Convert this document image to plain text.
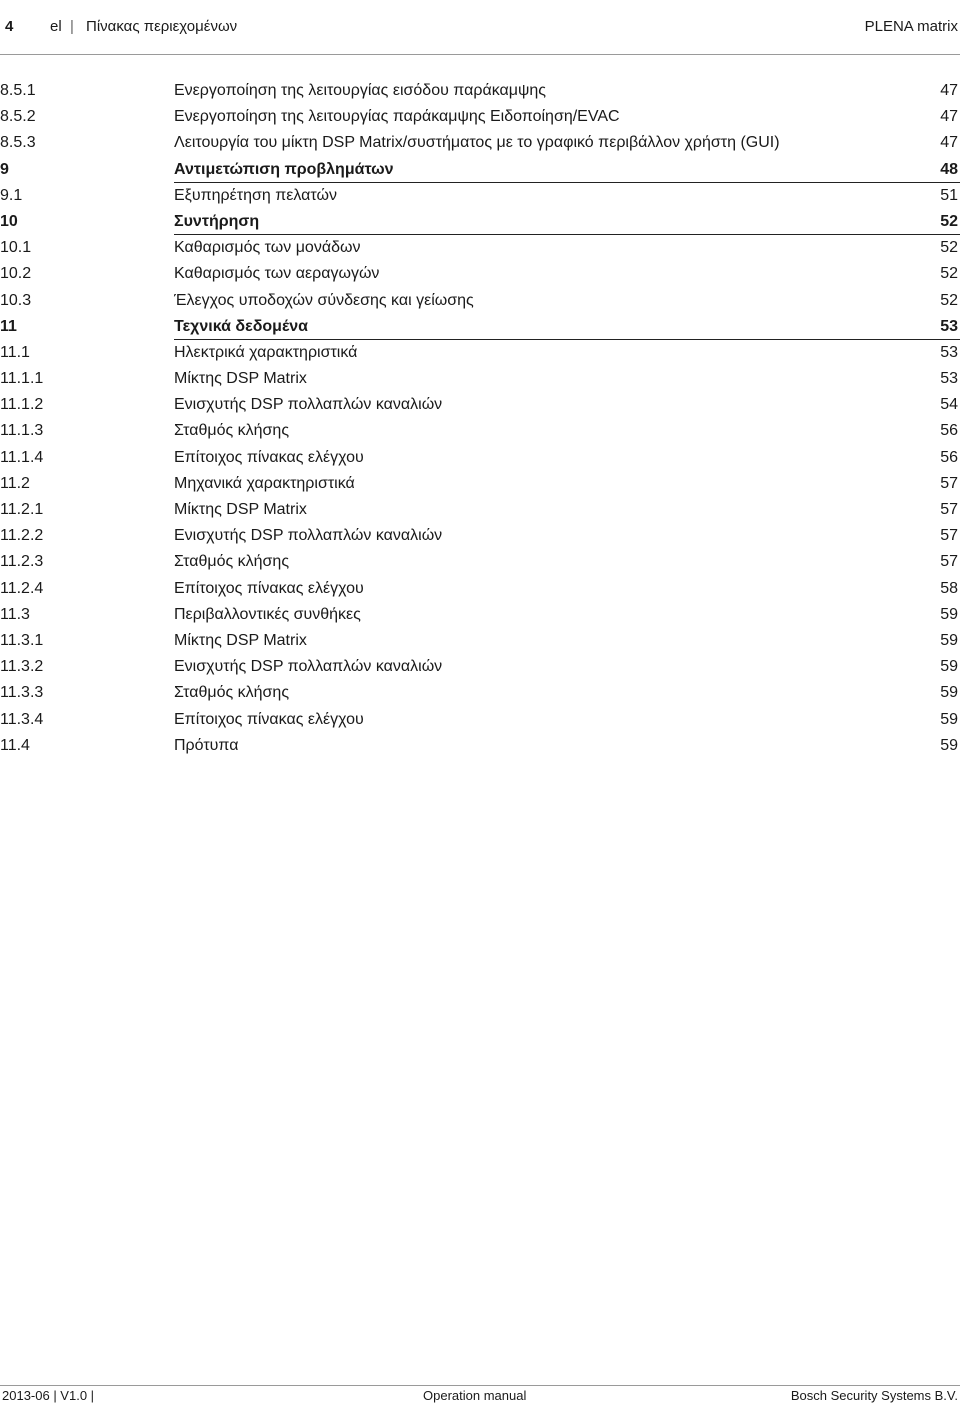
4 el | Πίνακας περιεχομένων	PLENA matrix
8.5.1	Ενεργοποίηση της λειτουργίας εισόδου παράκαμψης	47
8.5.2	Ενεργοποίηση της λειτουργίας παράκαμψης Ειδοποίηση/EVAC	47
8.5.3	Λειτουργία του μίκτη DSP Matrix/συστήματος με το γραφικό περιβάλλον χρήστη (GUI)	47
9	Αντιμετώπιση προβλημάτων	48
9.1	Εξυπηρέτηση πελατών	51
10	Συντήρηση	52
10.1	Καθαρισμός των μονάδων	52
10.2	Καθαρισμός των αεραγωγών	52
10.3	Έλεγχος υποδοχών σύνδεσης και γείωσης	52
11	Τεχνικά δεδομένα	53
11.1	Ηλεκτρικά χαρακτηριστικά	53
11.1.1	Μίκτης DSP Matrix	53
11.1.2	Ενισχυτής DSP πολλαπλών καναλιών	54
11.1.3	Σταθμός κλήσης	56
11.1.4	Επίτοιχος πίνακας ελέγχου	56
11.2	Μηχανικά χαρακτηριστικά	57
11.2.1	Μίκτης DSP Matrix	57
11.2.2	Ενισχυτής DSP πολλαπλών καναλιών	57
11.2.3	Σταθμός κλήσης	57
11.2.4	Επίτοιχος πίνακας ελέγχου	58
11.3	Περιβαλλοντικές συνθήκες	59
11.3.1	Μίκτης DSP Matrix	59
11.3.2	Ενισχυτής DSP πολλαπλών καναλιών	59
11.3.3	Σταθμός κλήσης	59
11.3.4	Επίτοιχος πίνακας ελέγχου	59
11.4	Πρότυπα	59
2013-06 | V1.0 |	Operation manual	Bosch Security Systems B.V.
